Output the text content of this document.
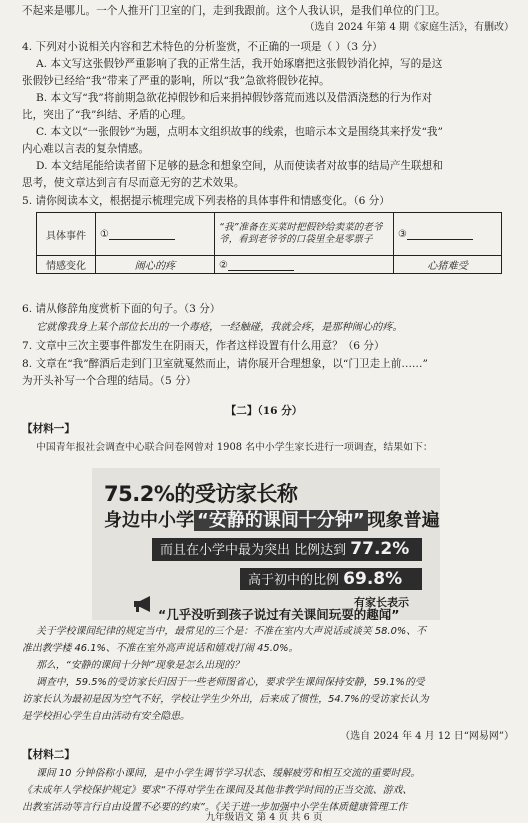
不起来是哪儿。一个人推开门卫室的门，走到我跟前。这个人我认识，是我们单位的门卫。
（选自 2024 年第 4 期《家庭生活》，有删改）
4. 下列对小说相关内容和艺术特色的分析鉴赏，不正确的一项是（ ）（3 分）
A. 本文写这张假钞严重影响了我的正常生活，我开始琢磨把这张假钞消化掉，写的是这
张假钞已经给“我”带来了严重的影响，所以“我”急欲将假钞花掉。
B. 本文写“我”将前期急欲花掉假钞和后来捐掉假钞落荒而逃以及借酒浇愁的行为作对
比，突出了“我”纠结、矛盾的心理。
C. 本文以“一张假钞”为题，点明本文组织故事的线索，也暗示本文是围绕其来抒发“我”
内心难以言表的复杂情感。
D. 本文结尾能给读者留下足够的悬念和想象空间，从而使读者对故事的结局产生联想和
思考，使文章达到言有尽而意无穷的艺术效果。
5. 请你阅读本文，根据提示梳理完成下列表格的具体事件和情感变化。（6 分）
具体事件	①	“我”准备在买菜时把假钞给卖菜的老爷爷，看到老爷爷的口袋里全是零票子	③
情感变化	闹心的疼	②	心猪难受
6. 请从修辞角度赏析下面的句子。（3 分）
它就像我身上某个部位长出的一个毒疮，一经触碰，我就会疼，是那种闹心的疼。
7. 文章中三次主要事件都发生在阴雨天，作者这样设置有什么用意？（6 分）
8. 文章在“我”醉酒后走到门卫室就戛然而止，请你展开合理想象，以“门卫走上前……”
为开头补写一个合理的结局。（5 分）
【二】（16 分）
【材料一】
中国青年报社会调查中心联合问卷网曾对 1908 名中小学生家长进行一项调查，结果如下：
75.2%的受访家长称
身边中小学 “安静的课间十分钟” 现象普遍
而且在小学中最为突出 比例达到 77.2%
高于初中的比例 69.8%
有家长表示
“几乎没听到孩子说过有关课间玩耍的趣闻”
关于学校课间纪律的规定当中，最常见的三个是：不准在室内大声说话或谈笑 58.0%、不
准出教学楼 46.1%、不准在室外高声说话和嬉戏打闹 45.0%。
那么，“安静的课间十分钟”现象是怎么出现的？
调查中，59.5%的受访家长归因于一些老师图省心，要求学生课间保持安静，59.1%的受
访家长认为最初是因为空气不好，学校让学生少外出，后来成了惯性，54.7%的受访家长认为
是学校担心学生自由活动有安全隐患。
（选自 2024 年 4 月 12 日“网易网”）
【材料二】
课间 10 分钟俗称小课间，是中小学生调节学习状态、缓解疲劳和相互交流的重要时段。
《未成年人学校保护规定》要求“不得对学生在课间及其他非教学时间的正当交流、游戏、
出教室活动等言行自由设置不必要的约束”。《关于进一步加强中小学生体质健康管理工作
九年级语文 第 4 页 共 6 页
